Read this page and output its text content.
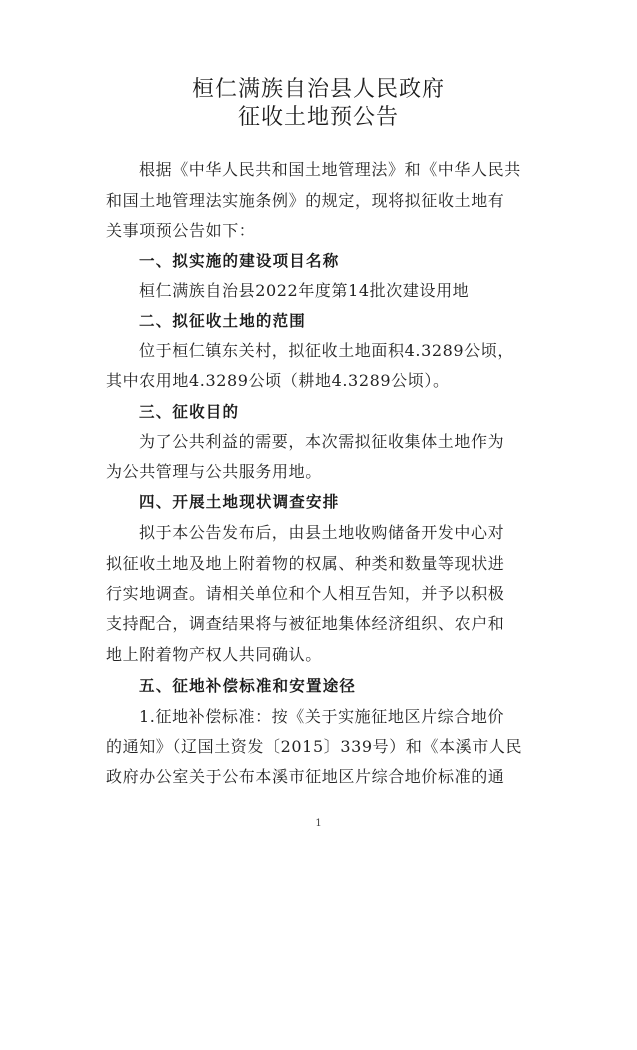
桓仁满族自治县人民政府
征收土地预公告
根据《中华人民共和国土地管理法》和《中华人民共
和国土地管理法实施条例》的规定，现将拟征收土地有
关事项预公告如下：
一、拟实施的建设项目名称
桓仁满族自治县2022年度第14批次建设用地
二、拟征收土地的范围
位于桓仁镇东关村，拟征收土地面积4.3289公顷，
其中农用地4.3289公顷（耕地4.3289公顷）。
三、征收目的
为了公共利益的需要，本次需拟征收集体土地作为
为公共管理与公共服务用地。
四、开展土地现状调查安排
拟于本公告发布后，由县土地收购储备开发中心对
拟征收土地及地上附着物的权属、种类和数量等现状进
行实地调查。请相关单位和个人相互告知，并予以积极
支持配合，调查结果将与被征地集体经济组织、农户和
地上附着物产权人共同确认。
五、征地补偿标准和安置途径
1.征地补偿标准：按《关于实施征地区片综合地价
的通知》（辽国土资发〔2015〕339号）和《本溪市人民
政府办公室关于公布本溪市征地区片综合地价标准的通
1
